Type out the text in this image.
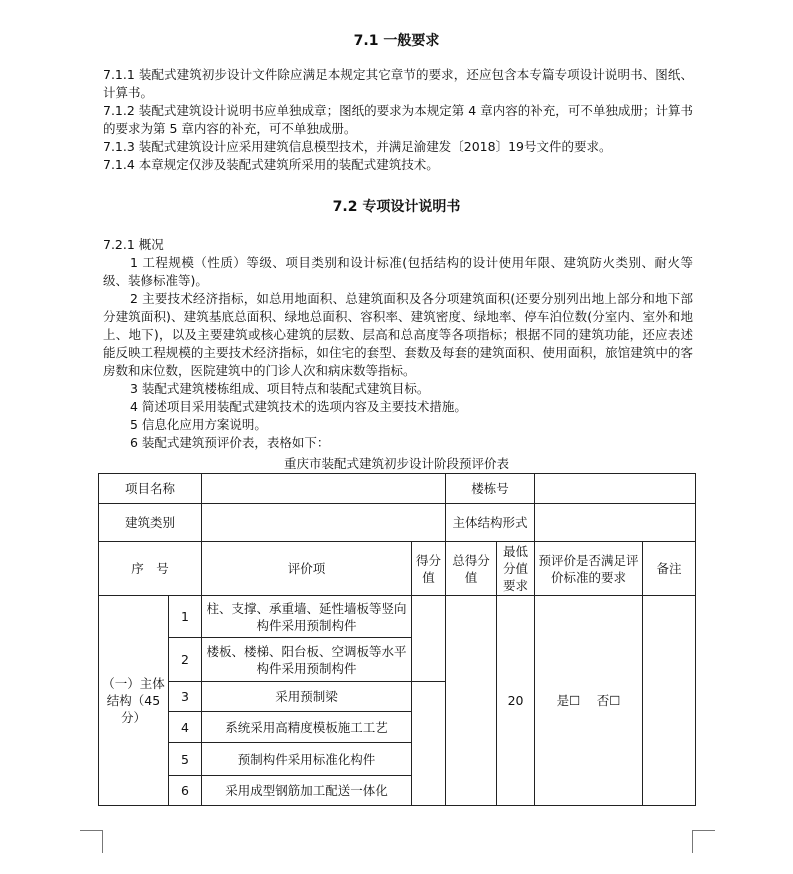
7.1 一般要求

7.1.1 装配式建筑初步设计文件除应满足本规定其它章节的要求，还应包含本专篇专项设计说明书、图纸、计算书。

7.1.2 装配式建筑设计说明书应单独成章；图纸的要求为本规定第 4 章内容的补充，可不单独成册；计算书的要求为第 5 章内容的补充，可不单独成册。

7.1.3 装配式建筑设计应采用建筑信息模型技术，并满足渝建发〔2018〕19号文件的要求。

7.1.4 本章规定仅涉及装配式建筑所采用的装配式建筑技术。

7.2 专项设计说明书

7.2.1 概况

1 工程规模（性质）等级、项目类别和设计标准(包括结构的设计使用年限、建筑防火类别、耐火等级、装修标准等)。

2 主要技术经济指标，如总用地面积、总建筑面积及各分项建筑面积(还要分别列出地上部分和地下部分建筑面积)、建筑基底总面积、绿地总面积、容积率、建筑密度、绿地率、停车泊位数(分室内、室外和地上、地下)，以及主要建筑或核心建筑的层数、层高和总高度等各项指标；根据不同的建筑功能，还应表述能反映工程规模的主要技术经济指标，如住宅的套型、套数及每套的建筑面积、使用面积，旅馆建筑中的客房数和床位数，医院建筑中的门诊人次和病床数等指标。

3 装配式建筑楼栋组成、项目特点和装配式建筑目标。

4 简述项目采用装配式建筑技术的选项内容及主要技术措施。

5 信息化应用方案说明。

6 装配式建筑预评价表，表格如下：

重庆市装配式建筑初步设计阶段预评价表
项目名称				楼栋号			
建筑类别				主体结构形式			
序　号		评价项	得分值	总得分值	最低分值要求	预评价是否满足评价标准的要求	备注
（一）主体结构（45分）	1	柱、支撑、承重墙、延性墙板等竖向构件采用预制构件			20	是☐　 否☐	
	2	楼板、楼梯、阳台板、空调板等水平构件采用预制构件					
	3	采用预制梁					
	4	系统采用高精度模板施工工艺					
	5	预制构件采用标准化构件					
	6	采用成型钢筋加工配送一体化					
